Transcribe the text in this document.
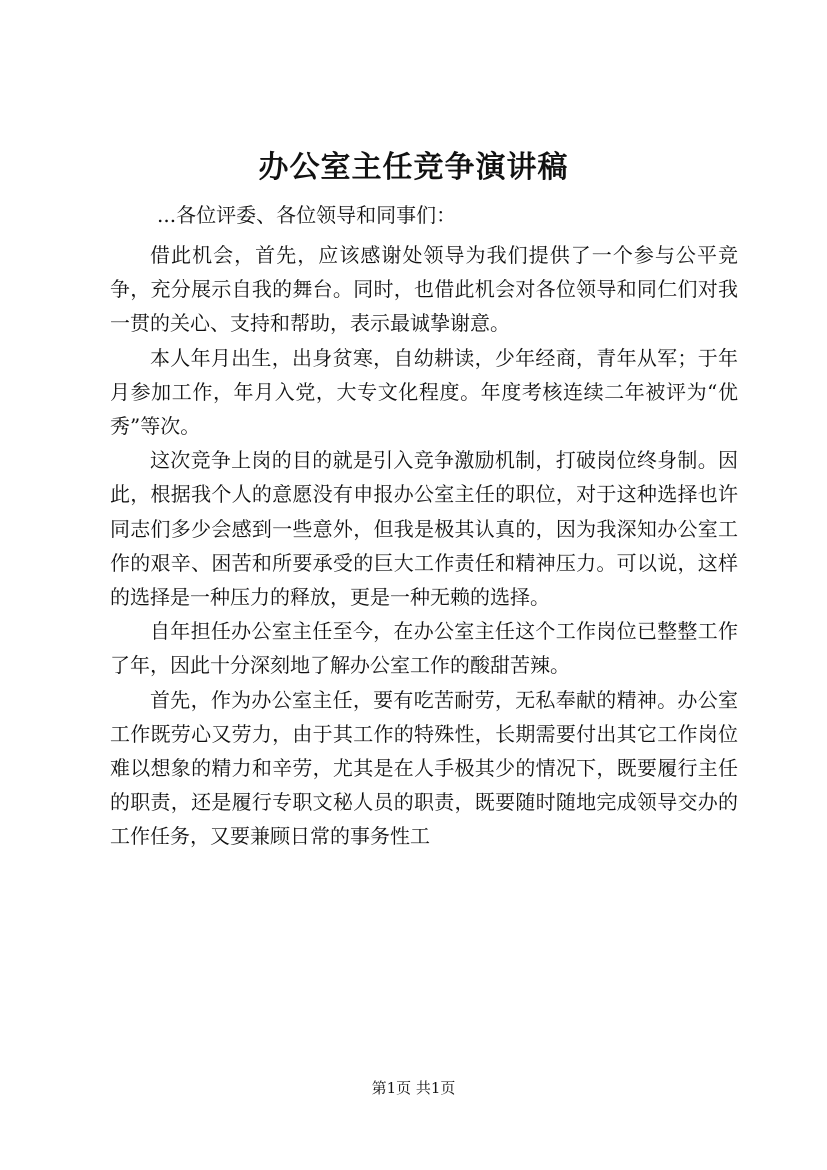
办公室主任竞争演讲稿
...各位评委、各位领导和同事们：

借此机会，首先，应该感谢处领导为我们提供了一个参与公平竞争，充分展示自我的舞台。同时，也借此机会对各位领导和同仁们对我一贯的关心、支持和帮助，表示最诚挚谢意。

本人年月出生，出身贫寒，自幼耕读，少年经商，青年从军；于年月参加工作，年月入党，大专文化程度。年度考核连续二年被评为“优秀”等次。

这次竞争上岗的目的就是引入竞争激励机制，打破岗位终身制。因此，根据我个人的意愿没有申报办公室主任的职位，对于这种选择也许同志们多少会感到一些意外，但我是极其认真的，因为我深知办公室工作的艰辛、困苦和所要承受的巨大工作责任和精神压力。可以说，这样的选择是一种压力的释放，更是一种无赖的选择。

自年担任办公室主任至今，在办公室主任这个工作岗位已整整工作了年，因此十分深刻地了解办公室工作的酸甜苦辣。

首先，作为办公室主任，要有吃苦耐劳，无私奉献的精神。办公室工作既劳心又劳力，由于其工作的特殊性，长期需要付出其它工作岗位难以想象的精力和辛劳，尤其是在人手极其少的情况下，既要履行主任的职责，还是履行专职文秘人员的职责，既要随时随地完成领导交办的工作任务，又要兼顾日常的事务性工

第1页 共1页
